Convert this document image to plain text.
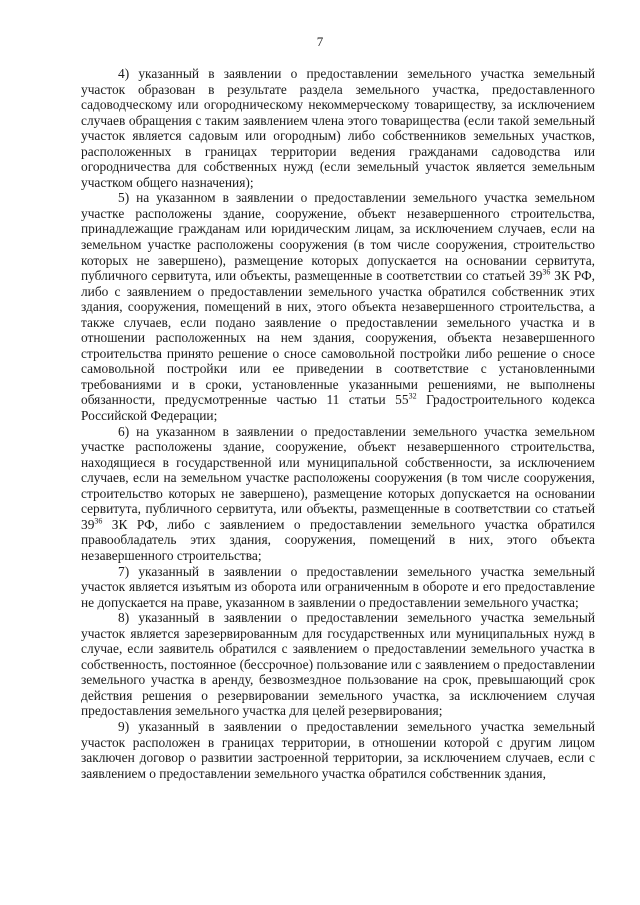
7

4) указанный в заявлении о предоставлении земельного участка земельный участок образован в результате раздела земельного участка, предоставленного садоводческому или огородническому некоммерческому товариществу, за исключением случаев обращения с таким заявлением члена этого товарищества (если такой земельный участок является садовым или огородным) либо собственников земельных участков, расположенных в границах территории ведения гражданами садоводства или огородничества для собственных нужд (если земельный участок является земельным участком общего назначения);

5) на указанном в заявлении о предоставлении земельного участка земельном участке расположены здание, сооружение, объект незавершенного строительства, принадлежащие гражданам или юридическим лицам, за исключением случаев, если на земельном участке расположены сооружения (в том числе сооружения, строительство которых не завершено), размещение которых допускается на основании сервитута, публичного сервитута, или объекты, размещенные в соответствии со статьей $39^{36}$ ЗК РФ, либо с заявлением о предоставлении земельного участка обратился собственник этих здания, сооружения, помещений в них, этого объекта незавершенного строительства, а также случаев, если подано заявление о предоставлении земельного участка и в отношении расположенных на нем здания, сооружения, объекта незавершенного строительства принято решение о сносе самовольной постройки либо решение о сносе самовольной постройки или ее приведении в соответствие с установленными требованиями и в сроки, установленные указанными решениями, не выполнены обязанности, предусмотренные частью 11 статьи $55^{32}$ Градостроительного кодекса Российской Федерации;

6) на указанном в заявлении о предоставлении земельного участка земельном участке расположены здание, сооружение, объект незавершенного строительства, находящиеся в государственной или муниципальной собственности, за исключением случаев, если на земельном участке расположены сооружения (в том числе сооружения, строительство которых не завершено), размещение которых допускается на основании сервитута, публичного сервитута, или объекты, размещенные в соответствии со статьей $39^{36}$ ЗК РФ, либо с заявлением о предоставлении земельного участка обратился правообладатель этих здания, сооружения, помещений в них, этого объекта незавершенного строительства;

7) указанный в заявлении о предоставлении земельного участка земельный участок является изъятым из оборота или ограниченным в обороте и его предоставление не допускается на праве, указанном в заявлении о предоставлении земельного участка;

8) указанный в заявлении о предоставлении земельного участка земельный участок является зарезервированным для государственных или муниципальных нужд в случае, если заявитель обратился с заявлением о предоставлении земельного участка в собственность, постоянное (бессрочное) пользование или с заявлением о предоставлении земельного участка в аренду, безвозмездное пользование на срок, превышающий срок действия решения о резервировании земельного участка, за исключением случая предоставления земельного участка для целей резервирования;

9) указанный в заявлении о предоставлении земельного участка земельный участок расположен в границах территории, в отношении которой с другим лицом заключен договор о развитии застроенной территории, за исключением случаев, если с заявлением о предоставлении земельного участка обратился собственник здания,
